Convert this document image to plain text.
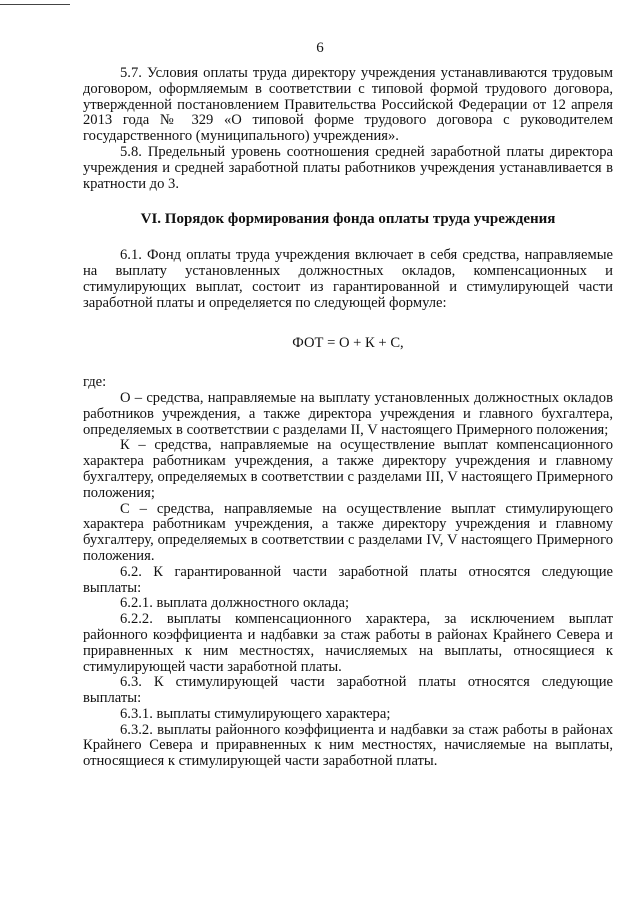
6

5.7. Условия оплаты труда директору учреждения устанавливаются трудовым договором, оформляемым в соответствии с типовой формой трудового договора, утвержденной постановлением Правительства Российской Федерации от 12 апреля 2013 года № 329 «О типовой форме трудового договора с руководителем государственного (муниципального) учреждения».

5.8. Предельный уровень соотношения средней заработной платы директора учреждения и средней заработной платы работников учреждения устанавливается в кратности до 3.

VI. Порядок формирования фонда оплаты труда учреждения

6.1. Фонд оплаты труда учреждения включает в себя средства, направляемые на выплату установленных должностных окладов, компенсационных и стимулирующих выплат, состоит из гарантированной и стимулирующей части заработной платы и определяется по следующей формуле:

ФОТ = О + К + С,

где:

О – средства, направляемые на выплату установленных должностных окладов работников учреждения, а также директора учреждения и главного бухгалтера, определяемых в соответствии с разделами II, V настоящего Примерного положения;

К – средства, направляемые на осуществление выплат компенсационного характера работникам учреждения, а также директору учреждения и главному бухгалтеру, определяемых в соответствии с разделами III, V настоящего Примерного положения;

С – средства, направляемые на осуществление выплат стимулирующего характера работникам учреждения, а также директору учреждения и главному бухгалтеру, определяемых в соответствии с разделами IV, V настоящего Примерного положения.

6.2. К гарантированной части заработной платы относятся следующие выплаты:

6.2.1. выплата должностного оклада;

6.2.2. выплаты компенсационного характера, за исключением выплат районного коэффициента и надбавки за стаж работы в районах Крайнего Севера и приравненных к ним местностях, начисляемых на выплаты, относящиеся к стимулирующей части заработной платы.

6.3. К стимулирующей части заработной платы относятся следующие выплаты:

6.3.1. выплаты стимулирующего характера;

6.3.2. выплаты районного коэффициента и надбавки за стаж работы в районах Крайнего Севера и приравненных к ним местностях, начисляемые на выплаты, относящиеся к стимулирующей части заработной платы.
